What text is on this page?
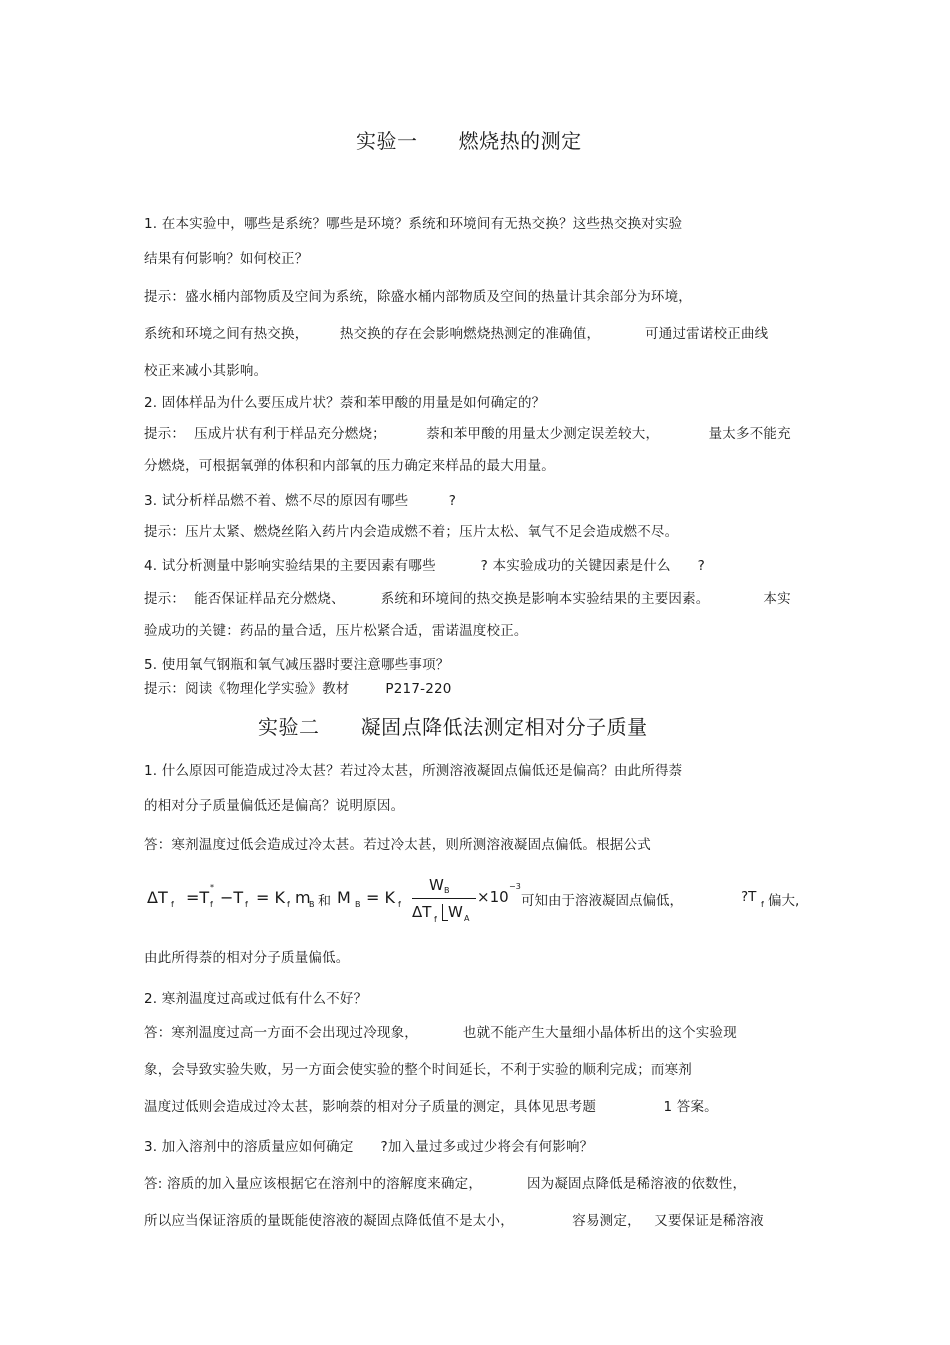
实验一      燃烧热的测定
1. 在本实验中，哪些是系统？哪些是环境？系统和环境间有无热交换？这些热交换对实验
结果有何影响？如何校正？
提示：盛水桶内部物质及空间为系统，除盛水桶内部物质及空间的热量计其余部分为环境，
系统和环境之间有热交换，       热交换的存在会影响燃烧热测定的准确值，          可通过雷诺校正曲线
校正来减小其影响。
2. 固体样品为什么要压成片状？萘和苯甲酸的用量是如何确定的？
提示：  压成片状有利于样品充分燃烧；         萘和苯甲酸的用量太少测定误差较大，           量太多不能充
分燃烧，可根据氧弹的体积和内部氧的压力确定来样品的最大用量。
3. 试分析样品燃不着、燃不尽的原因有哪些         ?
提示：压片太紧、燃烧丝陷入药片内会造成燃不着；压片太松、氧气不足会造成燃不尽。
4. 试分析测量中影响实验结果的主要因素有哪些          ? 本实验成功的关键因素是什么      ?
提示：  能否保证样品充分燃烧、        系统和环境间的热交换是影响本实验结果的主要因素。            本实
验成功的关键：药品的量合适，压片松紧合适，雷诺温度校正。
5. 使用氧气钢瓶和氧气减压器时要注意哪些事项？
提示：阅读《物理化学实验》教材        P217-220
实验二      凝固点降低法测定相对分子质量
1. 什么原因可能造成过冷太甚？若过冷太甚，所测溶液凝固点偏低还是偏高？由此所得萘
的相对分子质量偏低还是偏高？说明原因。
答：寒剂温度过低会造成过冷太甚。若过冷太甚，则所测溶液凝固点偏低。根据公式
ΔT f =T
*
f −T f = K f m
B 和 M B = K f
W B
ΔT f W A
×10
−3
可知由于溶液凝固点偏低，	?T f 偏大,
由此所得萘的相对分子质量偏低。
2. 寒剂温度过高或过低有什么不好？
答：寒剂温度过高一方面不会出现过冷现象，          也就不能产生大量细小晶体析出的这个实验现
象，会导致实验失败，另一方面会使实验的整个时间延长，不利于实验的顺利完成；而寒剂
温度过低则会造成过冷太甚，影响萘的相对分子质量的测定，具体见思考题               1 答案。
3. 加入溶剂中的溶质量应如何确定      ?加入量过多或过少将会有何影响？
答: 溶质的加入量应该根据它在溶剂中的溶解度来确定，          因为凝固点降低是稀溶液的依数性，
所以应当保证溶质的量既能使溶液的凝固点降低值不是太小，             容易测定，   又要保证是稀溶液
